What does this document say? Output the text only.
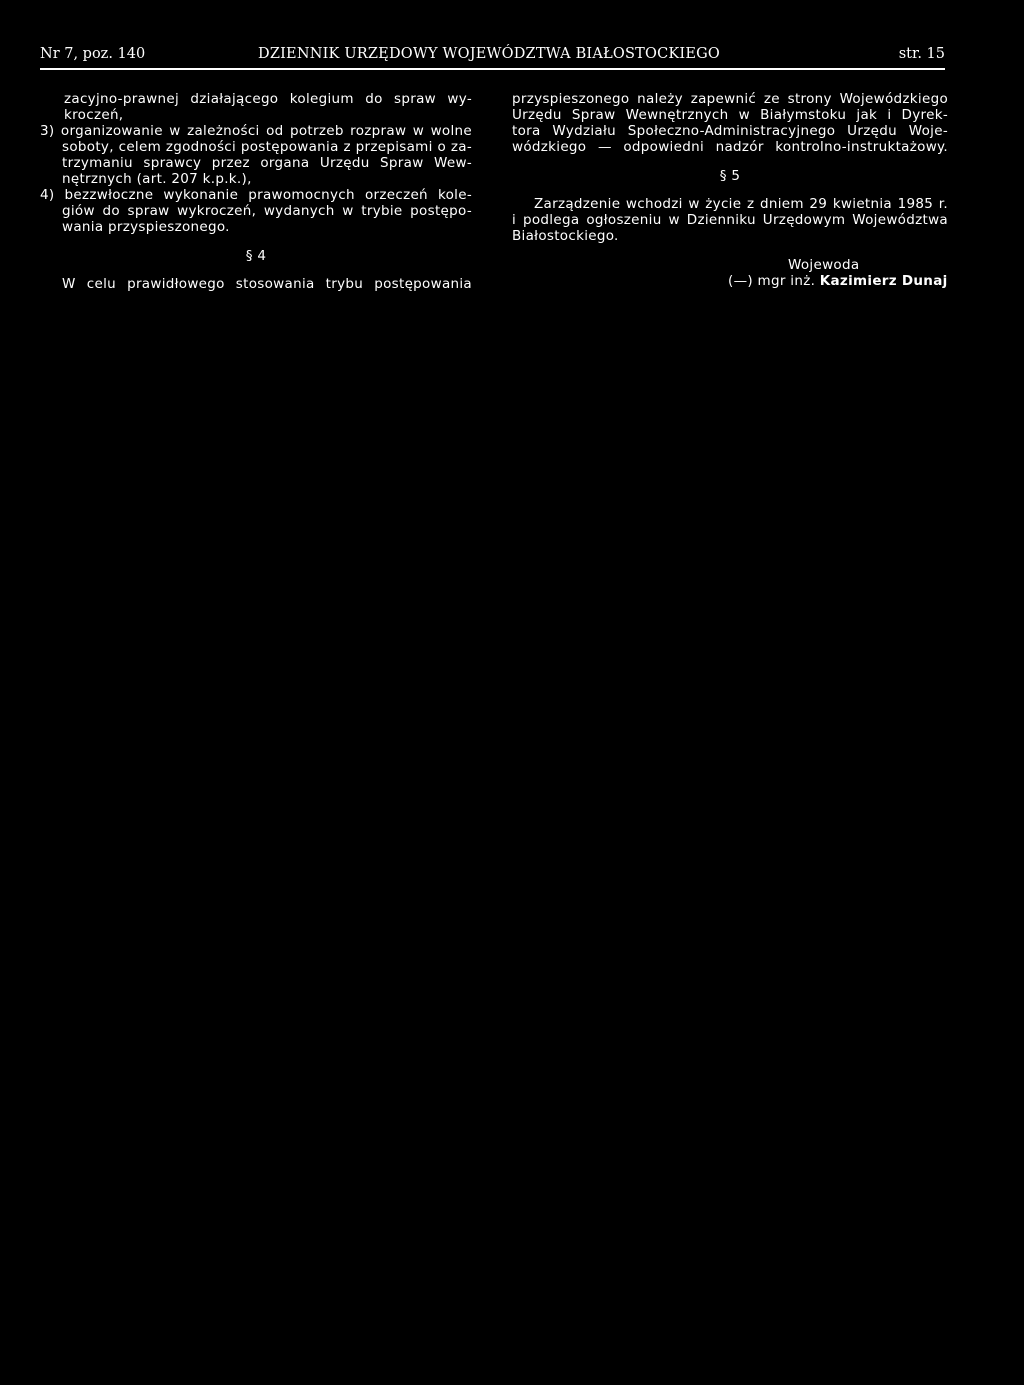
Nr 7, poz. 140	DZIENNIK URZĘDOWY WOJEWÓDZTWA BIAŁOSTOCKIEGO	str. 15
zacyjno-prawnej działającego kolegium do spraw wy-
kroczeń,
3) organizowanie w zależności od potrzeb rozpraw w wolne
soboty, celem zgodności postępowania z przepisami o za-
trzymaniu sprawcy przez organa Urzędu Spraw Wew-
nętrznych (art. 207 k.p.k.),
4) bezzwłoczne wykonanie prawomocnych orzeczeń kole-
giów do spraw wykroczeń, wydanych w trybie postępo-
wania przyspieszonego.
§ 4
W celu prawidłowego stosowania trybu postępowania
przyspieszonego należy zapewnić ze strony Wojewódzkiego
Urzędu Spraw Wewnętrznych w Białymstoku jak i Dyrek-
tora Wydziału Społeczno-Administracyjnego Urzędu Woje-
wódzkiego — odpowiedni nadzór kontrolno-instruktażowy.
§ 5
Zarządzenie wchodzi w życie z dniem 29 kwietnia 1985 r.
i podlega ogłoszeniu w Dzienniku Urzędowym Województwa
Białostockiego.
Wojewoda
(—) mgr inż. Kazimierz Dunaj
